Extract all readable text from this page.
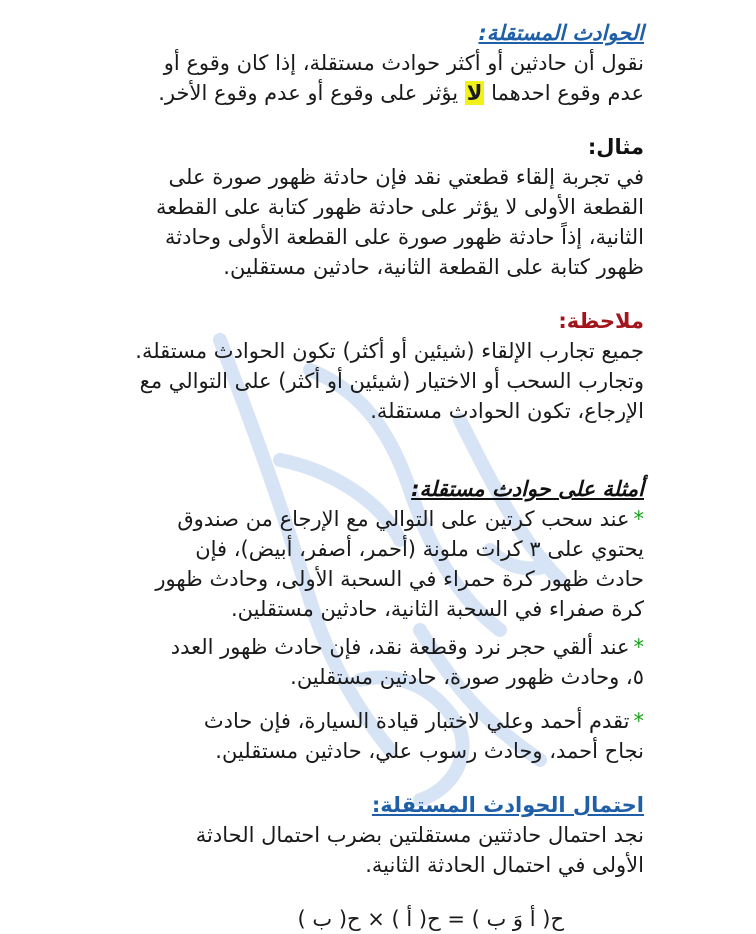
الحوادث المستقلة:
نقول أن حادثين أو أكثر حوادث مستقلة، إذا كان وقوع أو
عدم وقوع احدهما لا يؤثر على وقوع أو عدم وقوع الأخر.
مثال:
في تجربة إلقاء قطعتي نقد فإن حادثة ظهور صورة على
القطعة الأولى لا يؤثر على حادثة ظهور كتابة على القطعة
الثانية، إذاً حادثة ظهور صورة على القطعة الأولى وحادثة
ظهور كتابة على القطعة الثانية، حادثين مستقلين.
ملاحظة:
جميع تجارب الإلقاء (شيئين أو أكثر) تكون الحوادث مستقلة.
وتجارب السحب أو الاختيار (شيئين أو أكثر) على التوالي مع
الإرجاع، تكون الحوادث مستقلة.
أمثلة على حوادث مستقلة:
*عند سحب كرتين على التوالي مع الإرجاع من صندوق
يحتوي على ٣ كرات ملونة (أحمر، أصفر، أبيض)، فإن
حادث ظهور كرة حمراء في السحبة الأولى، وحادث ظهور
كرة صفراء في السحبة الثانية، حادثين مستقلين.
*عند ألقي حجر نرد وقطعة نقد، فإن حادث ظهور العدد
٥، وحادث ظهور صورة، حادثين مستقلين.
*تقدم أحمد وعلي لاختبار قيادة السيارة، فإن حادث
نجاح أحمد، وحادث رسوب علي، حادثين مستقلين.
احتمال الحوادث المستقلة:
نجد احتمال حادثتين مستقلتين بضرب احتمال الحادثة
الأولى في احتمال الحادثة الثانية.
ح( أ وَ ب ) = ح( أ ) × ح( ب )
